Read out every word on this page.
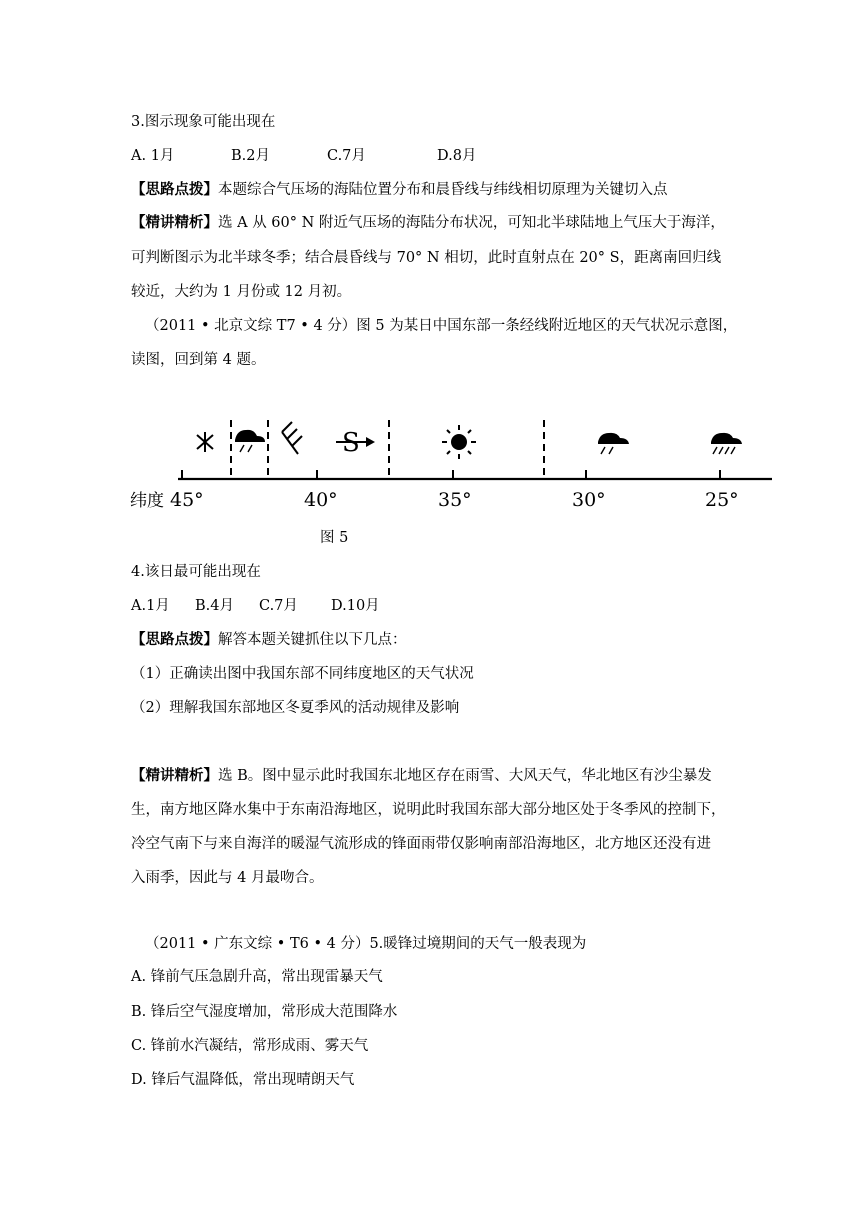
3.图示现象可能出现在
A. 1月	B.2月	C.7月	D.8月
【思路点拨】本题综合气压场的海陆位置分布和晨昏线与纬线相切原理为关键切入点
【精讲精析】选 A 从 60° N 附近气压场的海陆分布状况，可知北半球陆地上气压大于海洋，
可判断图示为北半球冬季；结合晨昏线与 70° N 相切，此时直射点在 20° S，距离南回归线
较近，大约为 1 月份或 12 月初。
（2011 • 北京文综 T7 • 4 分）图 5 为某日中国东部一条经线附近地区的天气状况示意图，
读图，回到第 4 题。
纬度 45°	40°	35°	30°	25°
S
图 5
4.该日最可能出现在
A.1月 B.4月 C.7月 D.10月
【思路点拨】解答本题关键抓住以下几点：
（1）正确读出图中我国东部不同纬度地区的天气状况
（2）理解我国东部地区冬夏季风的活动规律及影响
【精讲精析】选 B。图中显示此时我国东北地区存在雨雪、大风天气，华北地区有沙尘暴发
生，南方地区降水集中于东南沿海地区，说明此时我国东部大部分地区处于冬季风的控制下，
冷空气南下与来自海洋的暖湿气流形成的锋面雨带仅影响南部沿海地区，北方地区还没有进
入雨季，因此与 4 月最吻合。
（2011 • 广东文综 • T6 • 4 分）5.暖锋过境期间的天气一般表现为
A. 锋前气压急剧升高，常出现雷暴天气
B. 锋后空气湿度增加，常形成大范围降水
C. 锋前水汽凝结，常形成雨、雾天气
D. 锋后气温降低，常出现晴朗天气
